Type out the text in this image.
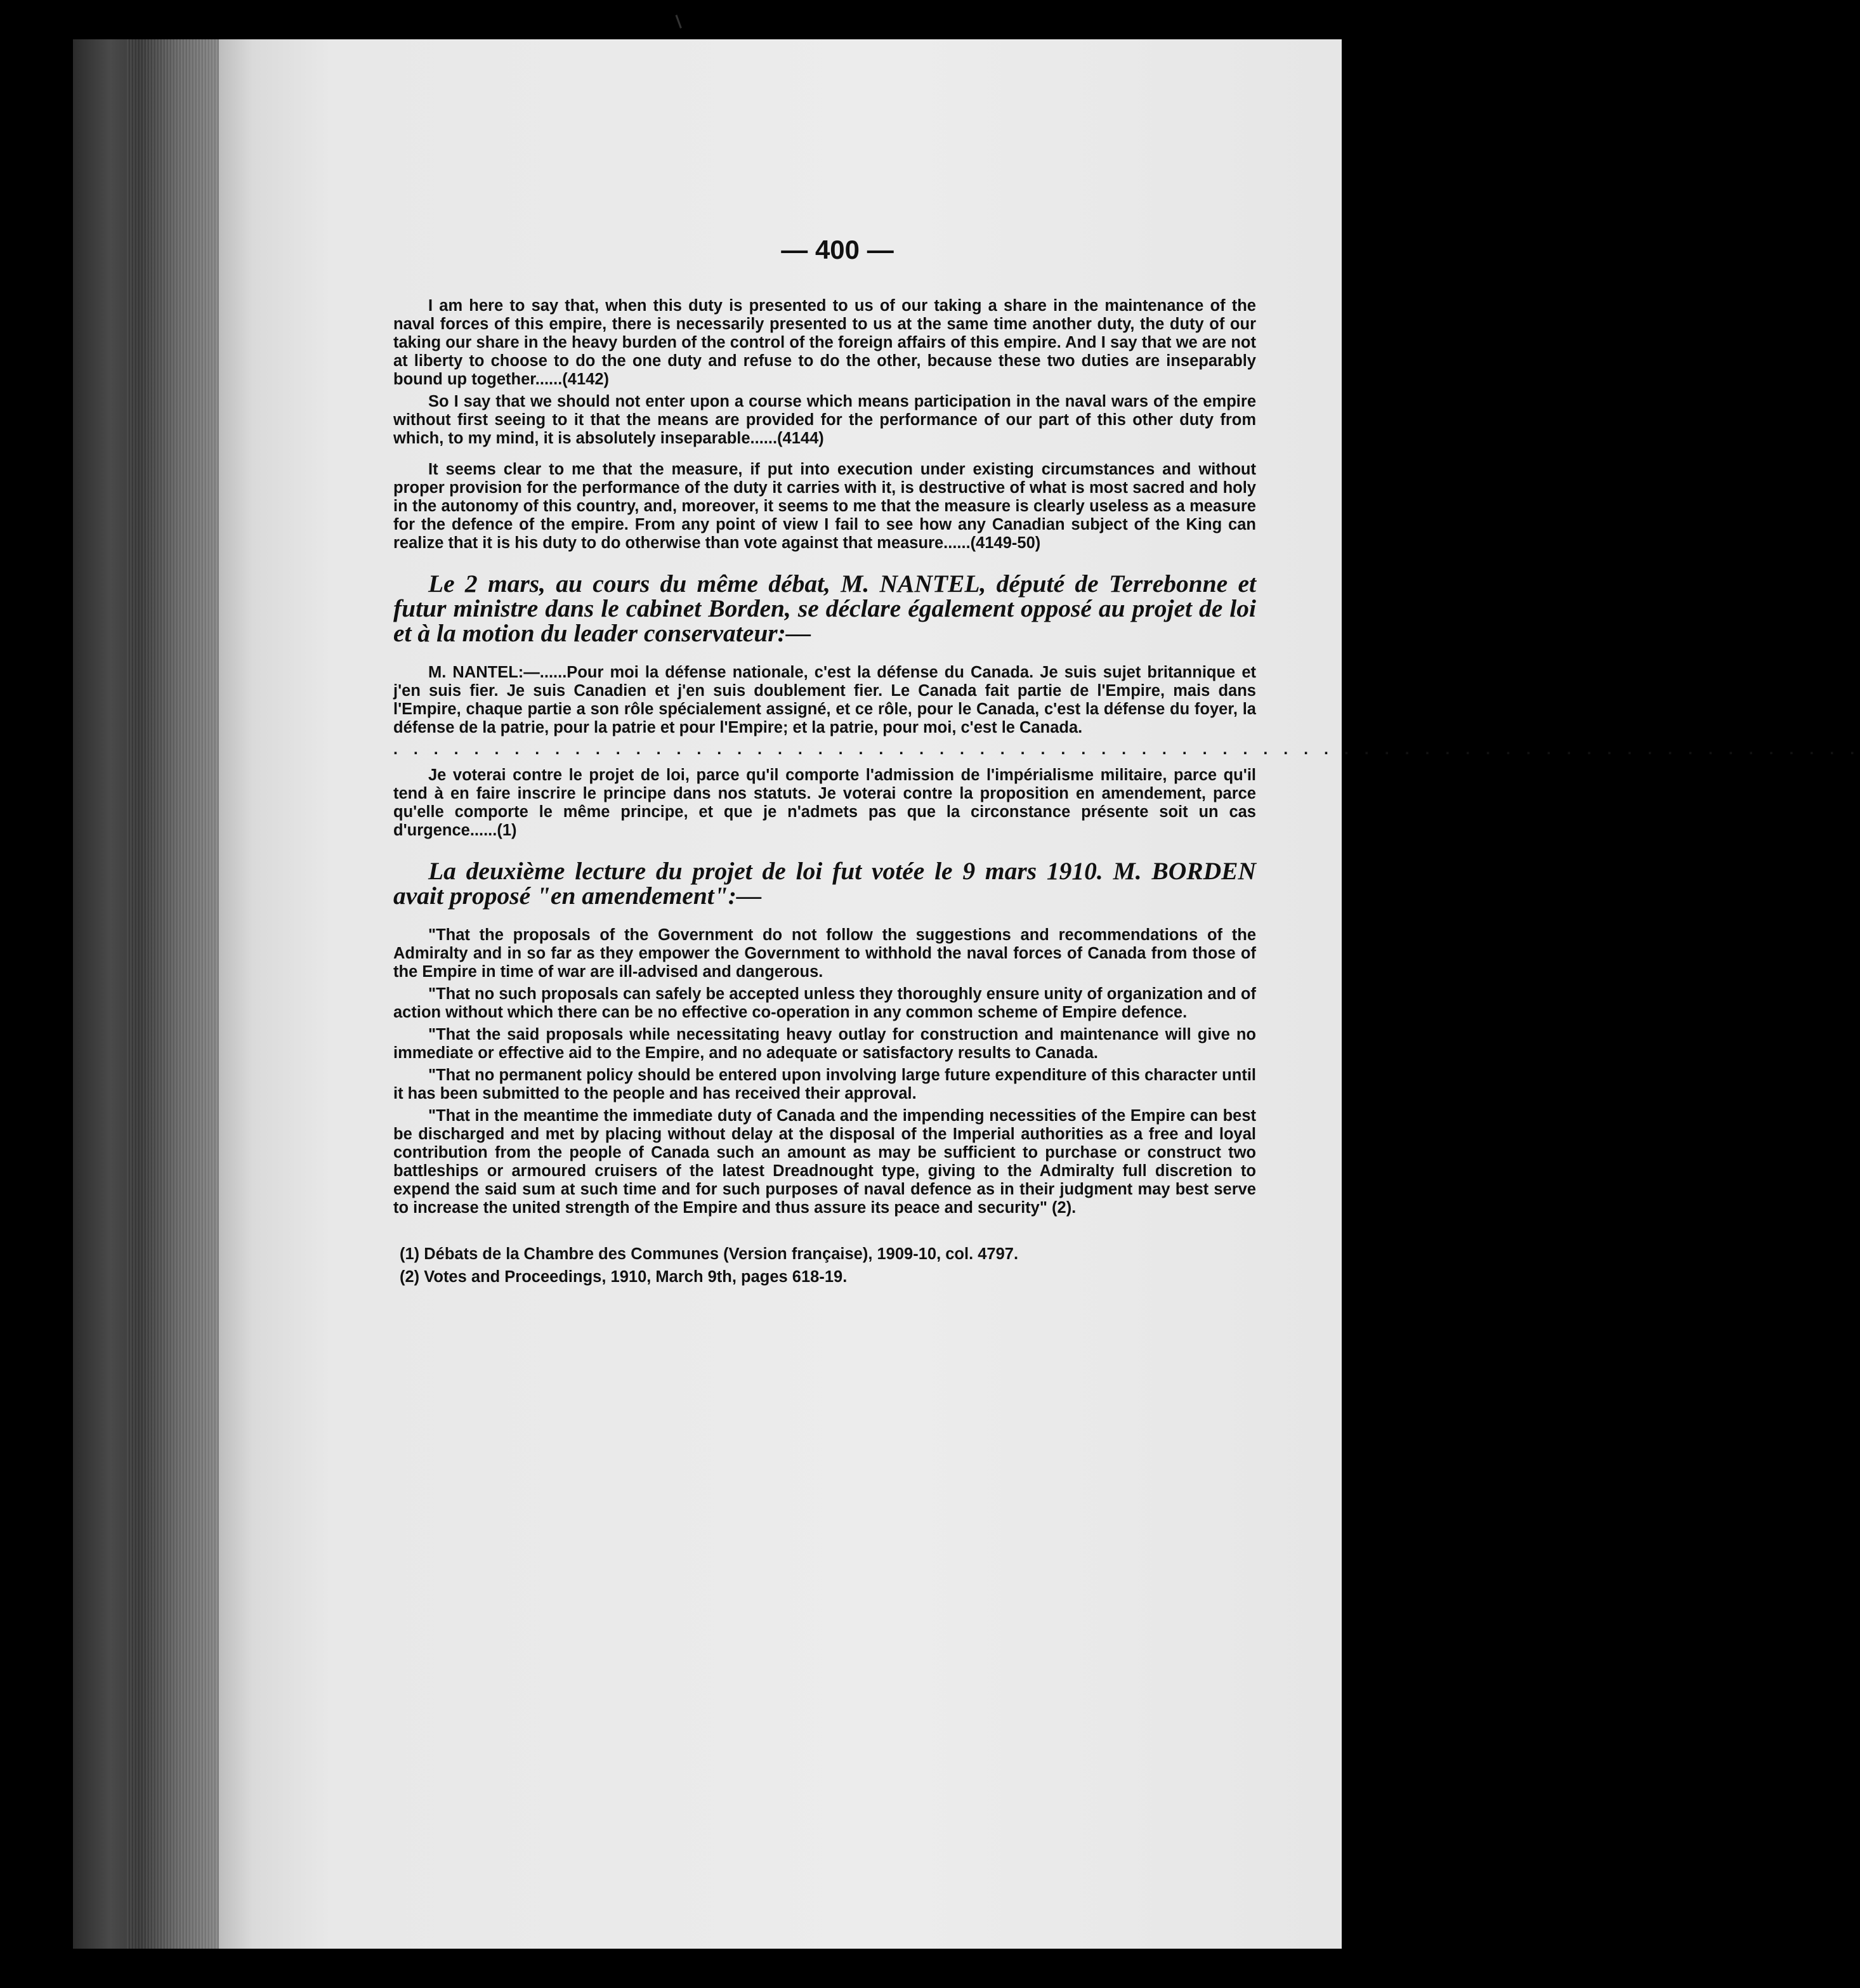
— 400 —

I am here to say that, when this duty is presented to us of our taking a share in the maintenance of the naval forces of this empire, there is necessarily presented to us at the same time another duty, the duty of our taking our share in the heavy burden of the control of the foreign affairs of this empire. And I say that we are not at liberty to choose to do the one duty and refuse to do the other, because these two duties are inseparably bound up together......(4142)

So I say that we should not enter upon a course which means participation in the naval wars of the empire without first seeing to it that the means are provided for the performance of our part of this other duty from which, to my mind, it is absolutely inseparable......(4144)

It seems clear to me that the measure, if put into execution under existing circumstances and without proper provision for the performance of the duty it carries with it, is destructive of what is most sacred and holy in the autonomy of this country, and, moreover, it seems to me that the measure is clearly useless as a measure for the defence of the empire. From any point of view I fail to see how any Canadian subject of the King can realize that it is his duty to do otherwise than vote against that measure......(4149-50)

Le 2 mars, au cours du même débat, M. NANTEL, député de Terrebonne et futur ministre dans le cabinet Borden, se déclare également opposé au projet de loi et à la motion du leader conservateur:—

M. NANTEL:—......Pour moi la défense nationale, c'est la défense du Canada. Je suis sujet britannique et j'en suis fier. Je suis Canadien et j'en suis doublement fier. Le Canada fait partie de l'Empire, mais dans l'Empire, chaque partie a son rôle spécialement assigné, et ce rôle, pour le Canada, c'est la défense du foyer, la défense de la patrie, pour la patrie et pour l'Empire; et la patrie, pour moi, c'est le Canada.

. . . . . . . . . . . . . . . . . . . . . . . . . . . . . . . . . . . . . . . . . . . . . . . . . . . . . . . . . . . . . . . . . . . . . . . . .

Je voterai contre le projet de loi, parce qu'il comporte l'admission de l'impérialisme militaire, parce qu'il tend à en faire inscrire le principe dans nos statuts. Je voterai contre la proposition en amendement, parce qu'elle comporte le même principe, et que je n'admets pas que la circonstance présente soit un cas d'urgence......(1)

La deuxième lecture du projet de loi fut votée le 9 mars 1910. M. BORDEN avait proposé "en amendement":—

"That the proposals of the Government do not follow the suggestions and recommendations of the Admiralty and in so far as they empower the Government to withhold the naval forces of Canada from those of the Empire in time of war are ill-advised and dangerous.

"That no such proposals can safely be accepted unless they thoroughly ensure unity of organization and of action without which there can be no effective co-operation in any common scheme of Empire defence.

"That the said proposals while necessitating heavy outlay for construction and maintenance will give no immediate or effective aid to the Empire, and no adequate or satisfactory results to Canada.

"That no permanent policy should be entered upon involving large future expenditure of this character until it has been submitted to the people and has received their approval.

"That in the meantime the immediate duty of Canada and the impending necessities of the Empire can best be discharged and met by placing without delay at the disposal of the Imperial authorities as a free and loyal contribution from the people of Canada such an amount as may be sufficient to purchase or construct two battleships or armoured cruisers of the latest Dreadnought type, giving to the Admiralty full discretion to expend the said sum at such time and for such purposes of naval defence as in their judgment may best serve to increase the united strength of the Empire and thus assure its peace and security" (2).

(1) Débats de la Chambre des Communes (Version française), 1909-10, col. 4797.
(2) Votes and Proceedings, 1910, March 9th, pages 618-19.
